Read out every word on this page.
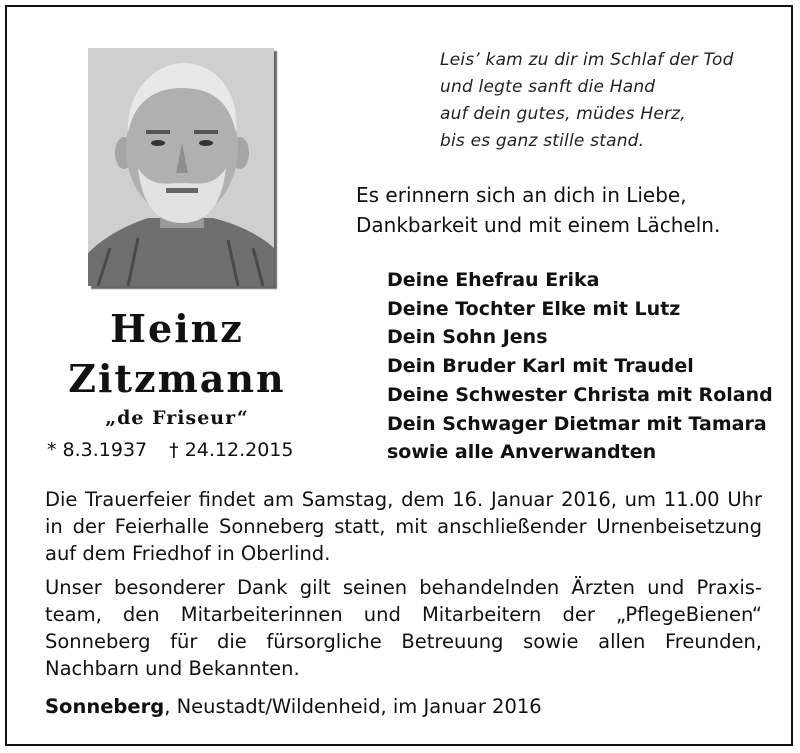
Leis’ kam zu dir im Schlaf der Tod
und legte sanft die Hand
auf dein gutes, müdes Herz,
bis es ganz stille stand.
Es erinnern sich an dich in Liebe,
Dankbarkeit und mit einem Lächeln.
Deine Ehefrau Erika
Deine Tochter Elke mit Lutz
Dein Sohn Jens
Dein Bruder Karl mit Traudel
Deine Schwester Christa mit Roland
Dein Schwager Dietmar mit Tamara
sowie alle Anverwandten
Heinz
Zitzmann
„de Friseur“
* 8.3.1937 † 24.12.2015
Die Trauerfeier findet am Samstag, dem 16. Januar 2016, um 11.00 Uhr in der Feierhalle Sonneberg statt, mit anschließender Urnenbeisetzung auf dem Friedhof in Oberlind.
Unser besonderer Dank gilt seinen behandelnden Ärzten und Praxisteam, den Mitarbeiterinnen und Mitarbeitern der „PflegeBienen“ Sonneberg für die fürsorgliche Betreuung sowie allen Freunden, Nachbarn und Bekannten.
Sonneberg, Neustadt/Wildenheid, im Januar 2016
